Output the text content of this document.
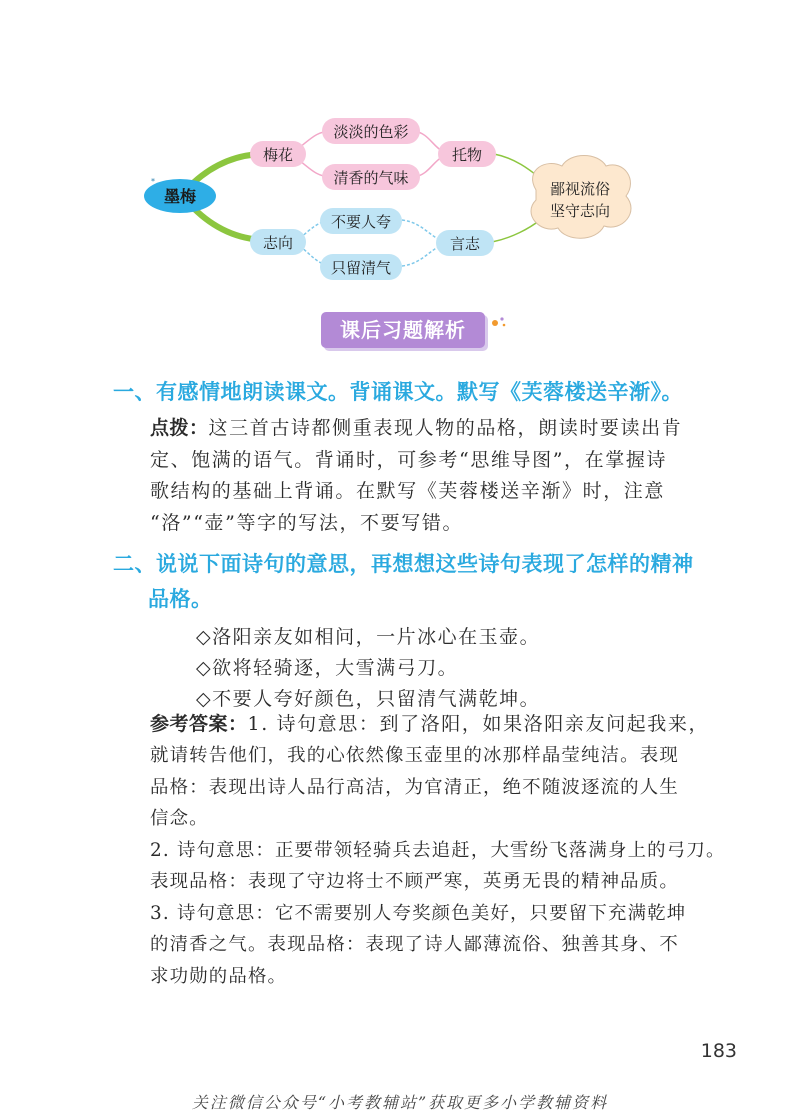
墨梅
*
梅花
志向
淡淡的色彩
清香的气味
不要人夸
只留清气
托物
言志
鄙视流俗
坚守志向
课后习题解析
一、有感情地朗读课文。背诵课文。默写《芙蓉楼送辛渐》。
点拨：这三首古诗都侧重表现人物的品格，朗读时要读出肯
定、饱满的语气。背诵时，可参考“思维导图”，在掌握诗
歌结构的基础上背诵。在默写《芙蓉楼送辛渐》时，注意
“洛”“壶”等字的写法，不要写错。
二、说说下面诗句的意思，再想想这些诗句表现了怎样的精神
品格。
◇洛阳亲友如相问，一片冰心在玉壶。
◇欲将轻骑逐，大雪满弓刀。
◇不要人夸好颜色，只留清气满乾坤。
参考答案：1. 诗句意思：到了洛阳，如果洛阳亲友问起我来，
就请转告他们，我的心依然像玉壶里的冰那样晶莹纯洁。表现
品格：表现出诗人品行高洁，为官清正，绝不随波逐流的人生
信念。
2. 诗句意思：正要带领轻骑兵去追赶，大雪纷飞落满身上的弓刀。
表现品格：表现了守边将士不顾严寒，英勇无畏的精神品质。
3. 诗句意思：它不需要别人夸奖颜色美好，只要留下充满乾坤
的清香之气。表现品格：表现了诗人鄙薄流俗、独善其身、不
求功勋的品格。
183
关注微信公众号“小考教辅站”获取更多小学教辅资料
